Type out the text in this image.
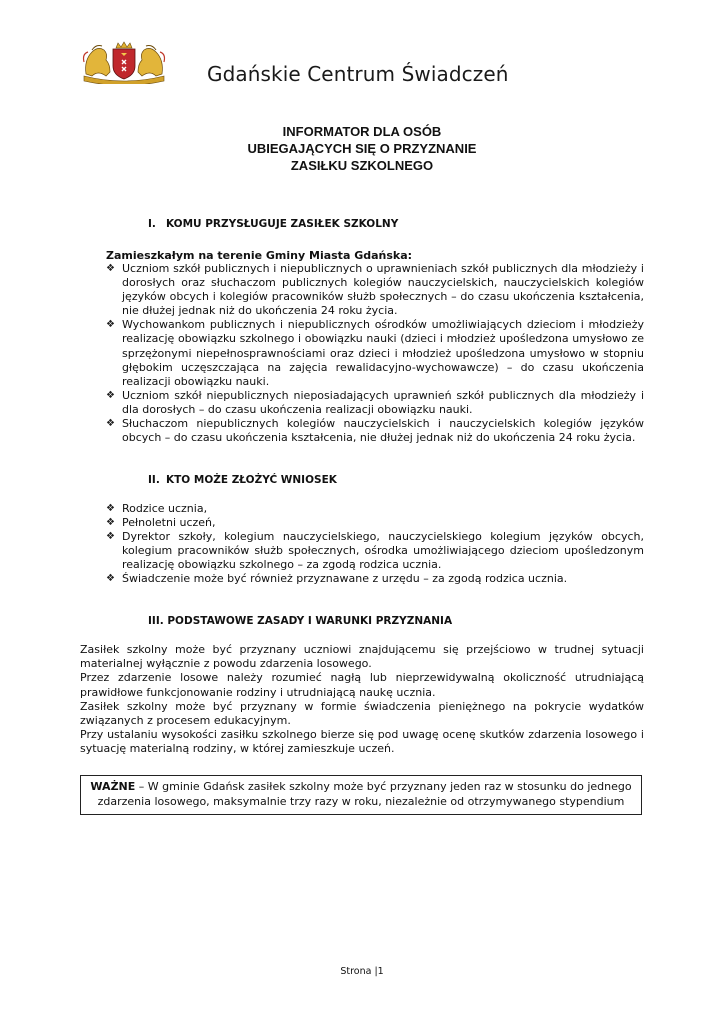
Gdańskie Centrum Świadczeń
INFORMATOR DLA OSÓB
UBIEGAJĄCYCH SIĘ O PRZYZNANIE
ZASIŁKU SZKOLNEGO
I. KOMU PRZYSŁUGUJE ZASIŁEK SZKOLNY
Zamieszkałym na terenie Gminy Miasta Gdańska:
❖ Uczniom szkół publicznych i niepublicznych o uprawnieniach szkół publicznych dla młodzieży i dorosłych oraz słuchaczom publicznych kolegiów nauczycielskich, nauczycielskich kolegiów języków obcych i kolegiów pracowników służb społecznych – do czasu ukończenia kształcenia, nie dłużej jednak niż do ukończenia 24 roku życia.
❖ Wychowankom publicznych i niepublicznych ośrodków umożliwiających dzieciom i młodzieży realizację obowiązku szkolnego i obowiązku nauki (dzieci i młodzież upośledzona umysłowo ze sprzężonymi niepełnosprawnościami oraz dzieci i młodzież upośledzona umysłowo w stopniu głębokim uczęszczająca na zajęcia rewalidacyjno-wychowawcze) – do czasu ukończenia realizacji obowiązku nauki.
❖ Uczniom szkół niepublicznych nieposiadających uprawnień szkół publicznych dla młodzieży i dla dorosłych – do czasu ukończenia realizacji obowiązku nauki.
❖ Słuchaczom niepublicznych kolegiów nauczycielskich i nauczycielskich kolegiów języków obcych – do czasu ukończenia kształcenia, nie dłużej jednak niż do ukończenia 24 roku życia.
II. KTO MOŻE ZŁOŻYĆ WNIOSEK
❖ Rodzice ucznia,
❖ Pełnoletni uczeń,
❖ Dyrektor szkoły, kolegium nauczycielskiego, nauczycielskiego kolegium języków obcych, kolegium pracowników służb społecznych, ośrodka umożliwiającego dzieciom upośledzonym realizację obowiązku szkolnego – za zgodą rodzica ucznia.
❖ Świadczenie może być również przyznawane z urzędu – za zgodą rodzica ucznia.
III. PODSTAWOWE ZASADY I WARUNKI PRZYZNANIA

Zasiłek szkolny może być przyznany uczniowi znajdującemu się przejściowo w trudnej sytuacji materialnej wyłącznie z powodu zdarzenia losowego.

Przez zdarzenie losowe należy rozumieć nagłą lub nieprzewidywalną okoliczność utrudniającą prawidłowe funkcjonowanie rodziny i utrudniającą naukę ucznia.

Zasiłek szkolny może być przyznany w formie świadczenia pieniężnego na pokrycie wydatków związanych z procesem edukacyjnym.

Przy ustalaniu wysokości zasiłku szkolnego bierze się pod uwagę ocenę skutków zdarzenia losowego i sytuację materialną rodziny, w której zamieszkuje uczeń.

WAŻNE – W gminie Gdańsk zasiłek szkolny może być przyznany jeden raz w stosunku do jednego zdarzenia losowego, maksymalnie trzy razy w roku, niezależnie od otrzymywanego stypendium
Strona |1
